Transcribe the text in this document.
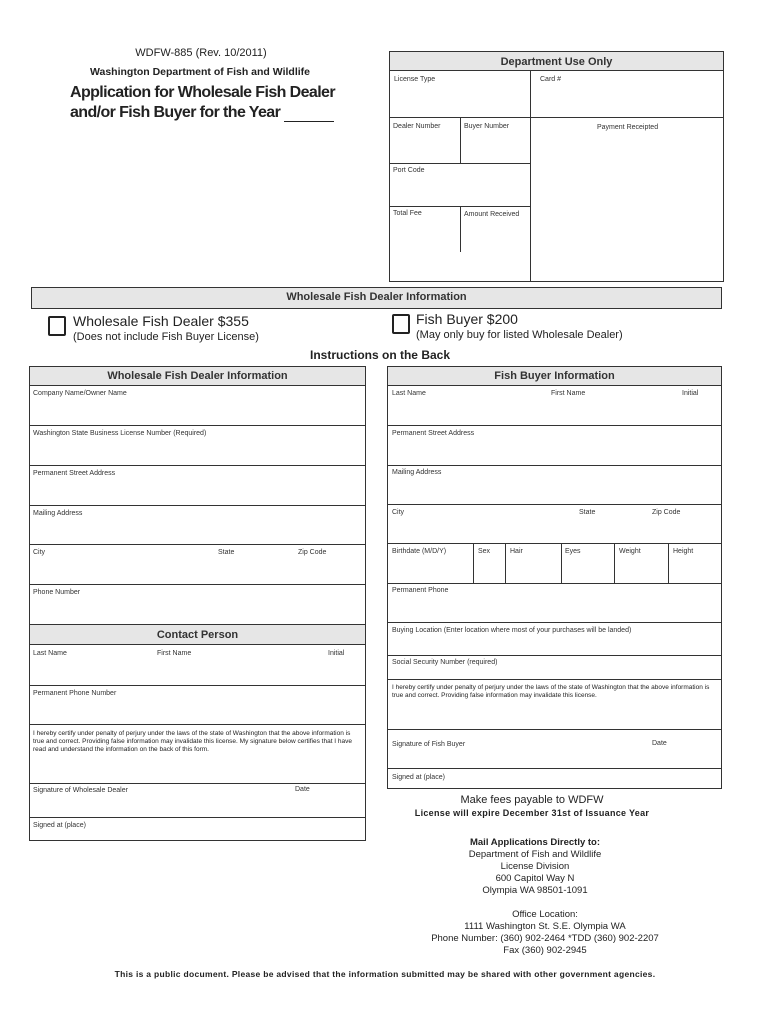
WDFW-885 (Rev. 10/2011)
Washington Department of Fish and Wildlife
Application for Wholesale Fish Dealer
and/or Fish Buyer for the Year
Department Use Only
License Type	Card #
Dealer Number	Buyer Number	Payment Receipted
Port Code
Total Fee	Amount Received
Wholesale Fish Dealer Information
Wholesale Fish Dealer $355
(Does not include Fish Buyer License)
Fish Buyer $200
(May only buy for listed Wholesale Dealer)
Instructions on the Back
Wholesale Fish Dealer Information
Company Name/Owner Name
Washington State Business License Number (Required)
Permanent Street Address
Mailing Address
City	State	Zip Code
Phone Number
Contact Person
Last Name	First Name	Initial
Permanent Phone Number
I hereby certify under penalty of perjury under the laws of the state of Washington that the above information is true and correct. Providing false information may invalidate this license. My signature below certifies that I have read and understand the information on the back of this form.
Signature of Wholesale Dealer	Date
Signed at (place)
Fish Buyer Information
Last Name	First Name	Initial
Permanent Street Address
Mailing Address
City	State	Zip Code
Birthdate (M/D/Y)	Sex	Hair	Eyes	Weight	Height
Permanent Phone
Buying Location (Enter location where most of your purchases will be landed)
Social Security Number (required)
I hereby certify under penalty of perjury under the laws of the state of Washington that the above information is true and correct. Providing false information may invalidate this license.
Signature of Fish Buyer	Date
Signed at (place)
Make fees payable to WDFW
License will expire December 31st of Issuance Year
Mail Applications Directly to:
Department of Fish and Wildlife
License Division
600 Capitol Way N
Olympia WA 98501-1091
Office Location:
1111 Washington St. S.E. Olympia WA
Phone Number: (360) 902-2464 *TDD (360) 902-2207
Fax (360) 902-2945
This is a public document. Please be advised that the information submitted may be shared with other government agencies.
